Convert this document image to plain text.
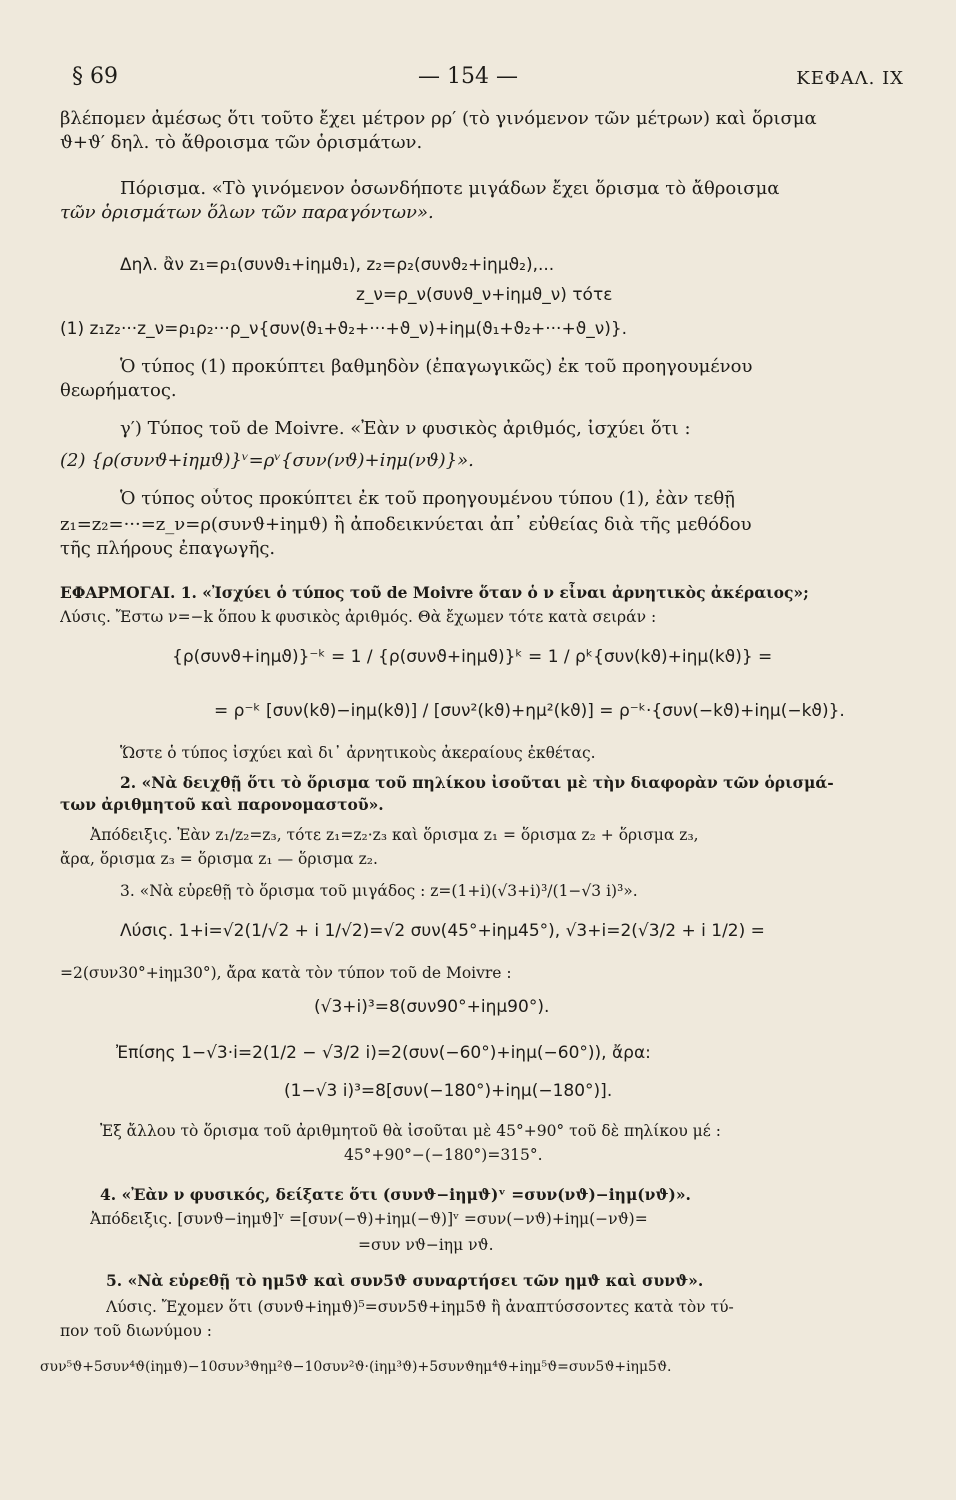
§ 69	— 154 —	ΚΕΦΑΛ. IX
βλέπομεν ἀμέσως ὅτι τοῦτο ἔχει μέτρον ρρ′ (τὸ γινόμενον τῶν μέτρων) καὶ ὅρισμα
ϑ+ϑ′ δηλ. τὸ ἄθροισμα τῶν ὁρισμάτων.
Πόρισμα. «Τὸ γινόμενον ὁσωνδήποτε μιγάδων ἔχει ὅρισμα τὸ ἄθροισμα
τῶν ὁρισμάτων ὅλων τῶν παραγόντων».
Δηλ. ἂν z₁=ρ₁(συνϑ₁+iημϑ₁), z₂=ρ₂(συνϑ₂+iημϑ₂),...
z_ν=ρ_ν(συνϑ_ν+iημϑ_ν) τότε
(1) z₁z₂···z_ν=ρ₁ρ₂···ρ_ν{συν(ϑ₁+ϑ₂+···+ϑ_ν)+iημ(ϑ₁+ϑ₂+···+ϑ_ν)}.
Ὁ τύπος (1) προκύπτει βαθμηδὸν (ἐπαγωγικῶς) ἐκ τοῦ προηγουμένου
θεωρήματος.
γ′) Τύπος τοῦ de Moivre. «Ἐὰν ν φυσικὸς ἀριθμός, ἰσχύει ὅτι :
(2) {ρ(συνϑ+iημϑ)}ᵛ=ρᵛ{συν(νϑ)+iημ(νϑ)}».
Ὁ τύπος οὗτος προκύπτει ἐκ τοῦ προηγουμένου τύπου (1), ἐὰν τεθῇ
z₁=z₂=···=z_ν=ρ(συνϑ+iημϑ) ἢ ἀποδεικνύεται ἀπ᾿ εὐθείας διὰ τῆς μεθόδου
τῆς πλήρους ἐπαγωγῆς.
ΕΦΑΡΜΟΓΑΙ. 1. «Ἰσχύει ὁ τύπος τοῦ de Moivre ὅταν ὁ ν εἶναι ἀρνητικὸς ἀκέραιος»;
Λύσις. Ἔστω ν=−k ὅπου k φυσικὸς ἀριθμός. Θὰ ἔχωμεν τότε κατὰ σειράν :
{ρ(συνϑ+iημϑ)}⁻ᵏ = 1 / {ρ(συνϑ+iημϑ)}ᵏ = 1 / ρᵏ{συν(kϑ)+iημ(kϑ)} =
= ρ⁻ᵏ [συν(kϑ)−iημ(kϑ)] / [συν²(kϑ)+ημ²(kϑ)] = ρ⁻ᵏ·{συν(−kϑ)+iημ(−kϑ)}.
Ὥστε ὁ τύπος ἰσχύει καὶ δι᾿ ἀρνητικοὺς ἀκεραίους ἐκθέτας.
2. «Νὰ δειχθῇ ὅτι τὸ ὅρισμα τοῦ πηλίκου ἰσοῦται μὲ τὴν διαφορὰν τῶν ὁρισμά-
των ἀριθμητοῦ καὶ παρονομαστοῦ».
Ἀπόδειξις. Ἐὰν z₁/z₂=z₃, τότε z₁=z₂·z₃ καὶ ὅρισμα z₁ = ὅρισμα z₂ + ὅρισμα z₃,
ἄρα, ὅρισμα z₃ = ὅρισμα z₁ — ὅρισμα z₂.
3. «Νὰ εὑρεθῇ τὸ ὅρισμα τοῦ μιγάδος : z=(1+i)(√3+i)³/(1−√3 i)³».
Λύσις. 1+i=√2(1/√2 + i 1/√2)=√2 συν(45°+iημ45°), √3+i=2(√3/2 + i 1/2) =
=2(συν30°+iημ30°), ἄρα κατὰ τὸν τύπον τοῦ de Moivre :
(√3+i)³=8(συν90°+iημ90°).
Ἐπίσης 1−√3·i=2(1/2 − √3/2 i)=2(συν(−60°)+iημ(−60°)), ἄρα:
(1−√3 i)³=8[συν(−180°)+iημ(−180°)].
Ἐξ ἄλλου τὸ ὅρισμα τοῦ ἀριθμητοῦ θὰ ἰσοῦται μὲ 45°+90° τοῦ δὲ πηλίκου μέ :
45°+90°−(−180°)=315°.
4. «Ἐὰν ν φυσικός, δείξατε ὅτι (συνϑ−iημϑ)ᵛ =συν(νϑ)−iημ(νϑ)».
Ἀπόδειξις. [συνϑ−iημϑ]ᵛ =[συν(−ϑ)+iημ(−ϑ)]ᵛ =συν(−νϑ)+iημ(−νϑ)=
=συν νϑ−iημ νϑ.
5. «Νὰ εὑρεθῇ τὸ ημ5ϑ καὶ συν5ϑ συναρτήσει τῶν ημϑ καὶ συνϑ».
Λύσις. Ἔχομεν ὅτι (συνϑ+iημϑ)⁵=συν5ϑ+iημ5ϑ ἢ ἀναπτύσσοντες κατὰ τὸν τύ-
πον τοῦ διωνύμου :
συν⁵ϑ+5συν⁴ϑ(iημϑ)−10συν³ϑημ²ϑ−10συν²ϑ·(iημ³ϑ)+5συνϑημ⁴ϑ+iημ⁵ϑ=συν5ϑ+iημ5ϑ.
